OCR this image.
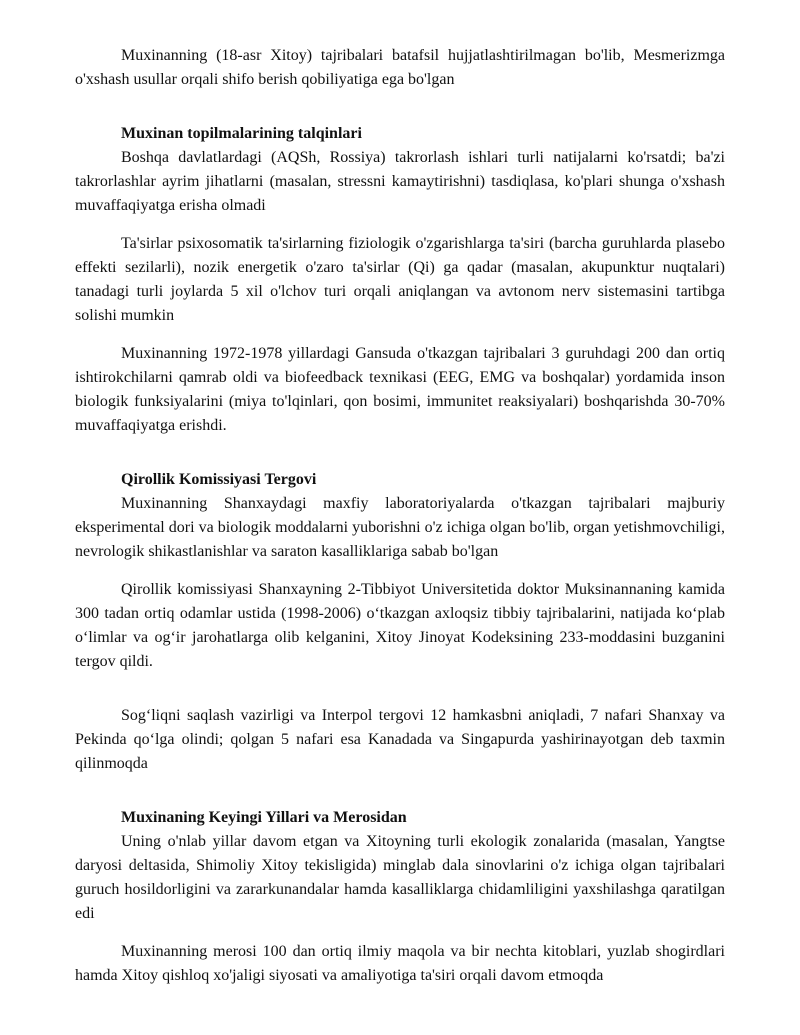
Muxinanning (18-asr Xitoy) tajribalari batafsil hujjatlashtirilmagan bo'lib, Mesmerizmga o'xshash usullar orqali shifo berish qobiliyatiga ega bo'lgan

Muxinan topilmalarining talqinlari

Boshqa davlatlardagi (AQSh, Rossiya) takrorlash ishlari turli natijalarni ko'rsatdi; ba'zi takrorlashlar ayrim jihatlarni (masalan, stressni kamaytirishni) tasdiqlasa, ko'plari shunga o'xshash muvaffaqiyatga erisha olmadi

Ta'sirlar psixosomatik ta'sirlarning fiziologik o'zgarishlarga ta'siri (barcha guruhlarda plasebo effekti sezilarli), nozik energetik o'zaro ta'sirlar (Qi) ga qadar (masalan, akupunktur nuqtalari) tanadagi turli joylarda 5 xil o'lchov turi orqali aniqlangan va avtonom nerv sistemasini tartibga solishi mumkin

Muxinanning 1972-1978 yillardagi Gansuda o'tkazgan tajribalari 3 guruhdagi 200 dan ortiq ishtirokchilarni qamrab oldi va biofeedback texnikasi (EEG, EMG va boshqalar) yordamida inson biologik funksiyalarini (miya to'lqinlari, qon bosimi, immunitet reaksiyalari) boshqarishda 30-70% muvaffaqiyatga erishdi.

Qirollik Komissiyasi Tergovi

Muxinanning Shanxaydagi maxfiy laboratoriyalarda o'tkazgan tajribalari majburiy eksperimental dori va biologik moddalarni yuborishni o'z ichiga olgan bo'lib, organ yetishmovchiligi, nevrologik shikastlanishlar va saraton kasalliklariga sabab bo'lgan

Qirollik komissiyasi Shanxayning 2-Tibbiyot Universitetida doktor Muksinannaning kamida 300 tadan ortiq odamlar ustida (1998-2006) o‘tkazgan axloqsiz tibbiy tajribalarini, natijada ko‘plab o‘limlar va og‘ir jarohatlarga olib kelganini, Xitoy Jinoyat Kodeksining 233-moddasini buzganini tergov qildi.

Sog‘liqni saqlash vazirligi va Interpol tergovi 12 hamkasbni aniqladi, 7 nafari Shanxay va Pekinda qo‘lga olindi; qolgan 5 nafari esa Kanadada va Singapurda yashirinayotgan deb taxmin qilinmoqda

Muxinaning Keyingi Yillari va Merosidan

Uning o'nlab yillar davom etgan va Xitoyning turli ekologik zonalarida (masalan, Yangtse daryosi deltasida, Shimoliy Xitoy tekisligida) minglab dala sinovlarini o'z ichiga olgan tajribalari guruch hosildorligini va zararkunandalar hamda kasalliklarga chidamliligini yaxshilashga qaratilgan edi

Muxinanning merosi 100 dan ortiq ilmiy maqola va bir nechta kitoblari, yuzlab shogirdlari hamda Xitoy qishloq xo'jaligi siyosati va amaliyotiga ta'siri orqali davom etmoqda
